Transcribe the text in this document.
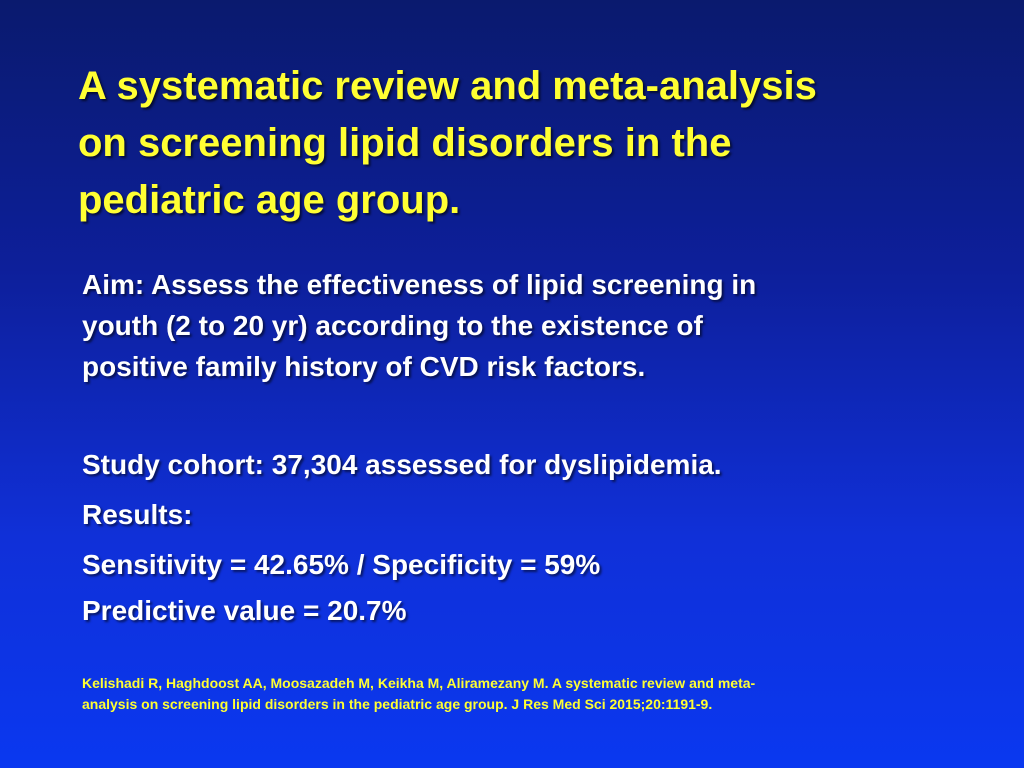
A systematic review and meta-analysis
on screening lipid disorders in the
pediatric age group.
Aim: Assess the effectiveness of lipid screening in
youth (2 to 20 yr) according to the existence of
positive family history of CVD risk factors.
Study cohort: 37,304 assessed for dyslipidemia.
Results:
Sensitivity = 42.65% / Specificity = 59%
Predictive value = 20.7%
Kelishadi R, Haghdoost AA, Moosazadeh M, Keikha M, Aliramezany M. A systematic review and meta-
analysis on screening lipid disorders in the pediatric age group. J Res Med Sci 2015;20:1191-9.
